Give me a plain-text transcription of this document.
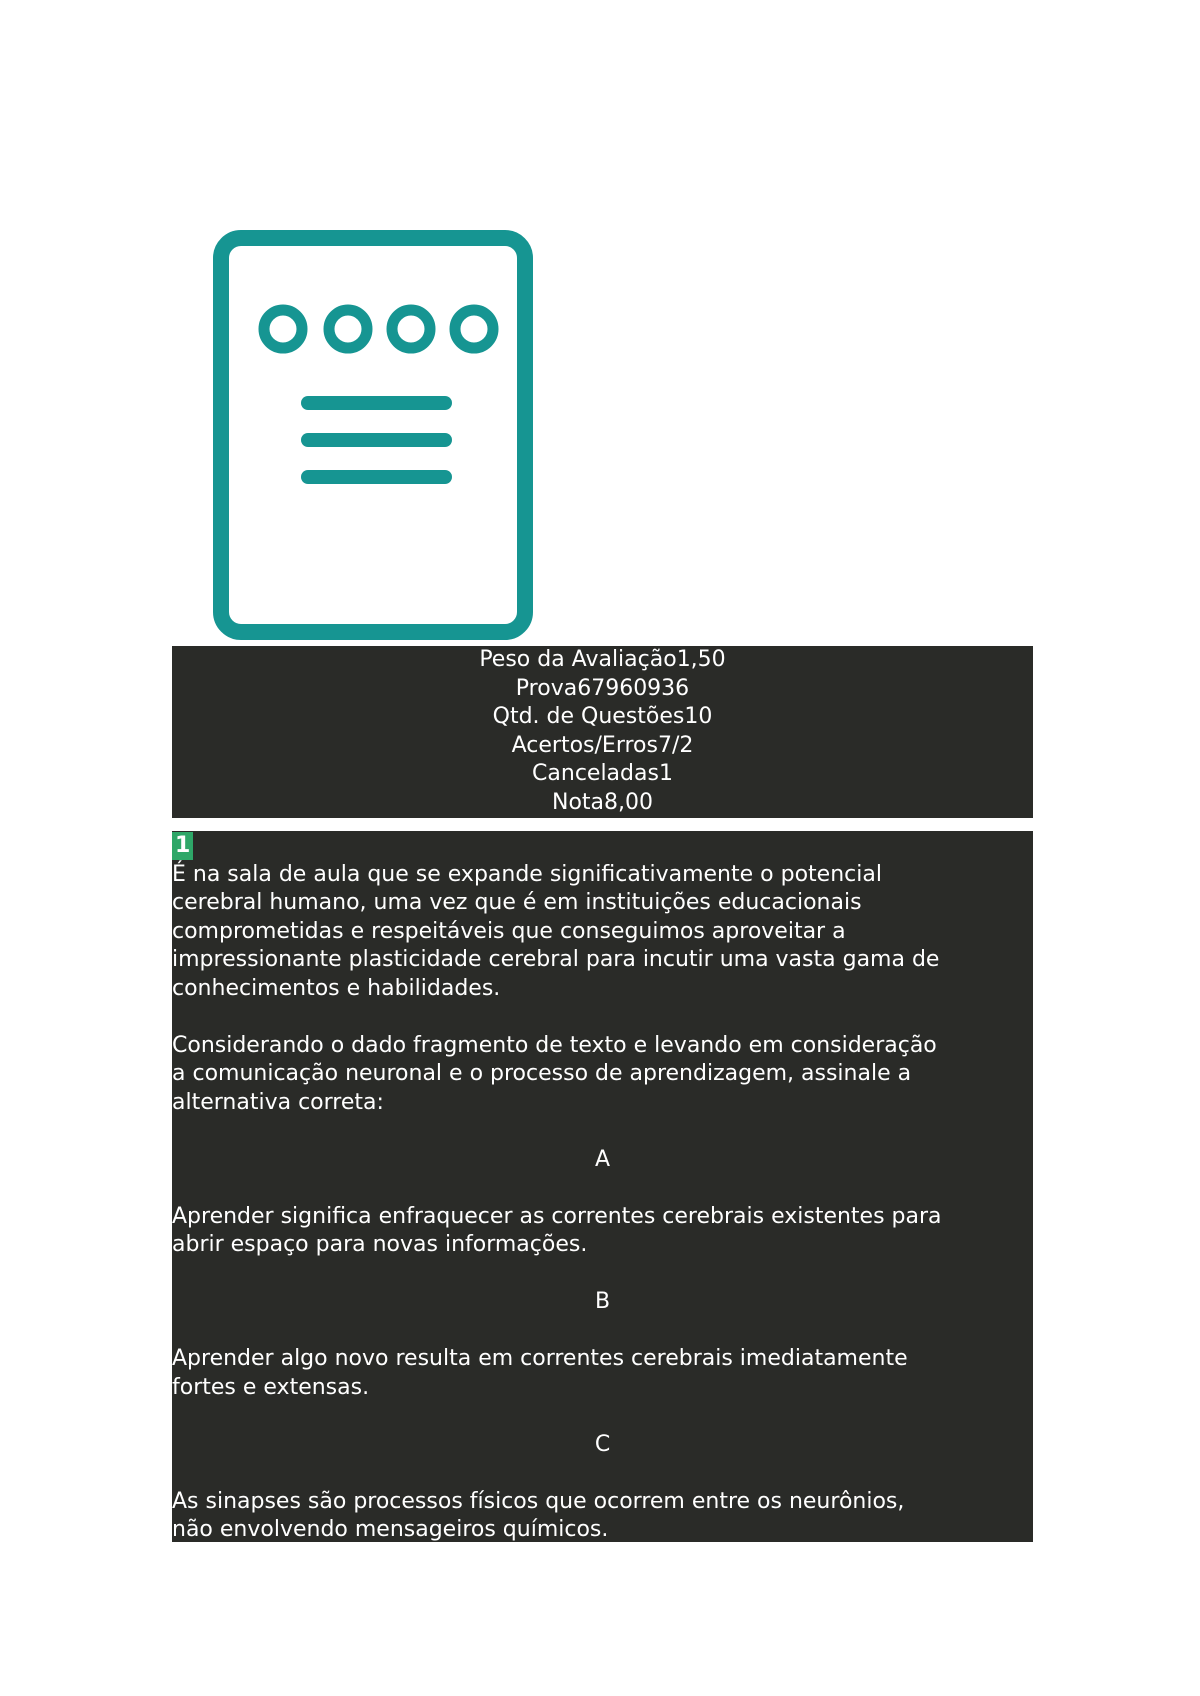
Peso da Avaliação1,50
Prova67960936
Qtd. de Questões10
Acertos/Erros7/2
Canceladas1
Nota8,00
1

É na sala de aula que se expande significativamente o potencial
cerebral humano, uma vez que é em instituições educacionais
comprometidas e respeitáveis que conseguimos aproveitar a
impressionante plasticidade cerebral para incutir uma vasta gama de
conhecimentos e habilidades.

Considerando o dado fragmento de texto e levando em consideração
a comunicação neuronal e o processo de aprendizagem, assinale a
alternativa correta:

A

Aprender significa enfraquecer as correntes cerebrais existentes para
abrir espaço para novas informações.

B

Aprender algo novo resulta em correntes cerebrais imediatamente
fortes e extensas.

C

As sinapses são processos físicos que ocorrem entre os neurônios,
não envolvendo mensageiros químicos.
